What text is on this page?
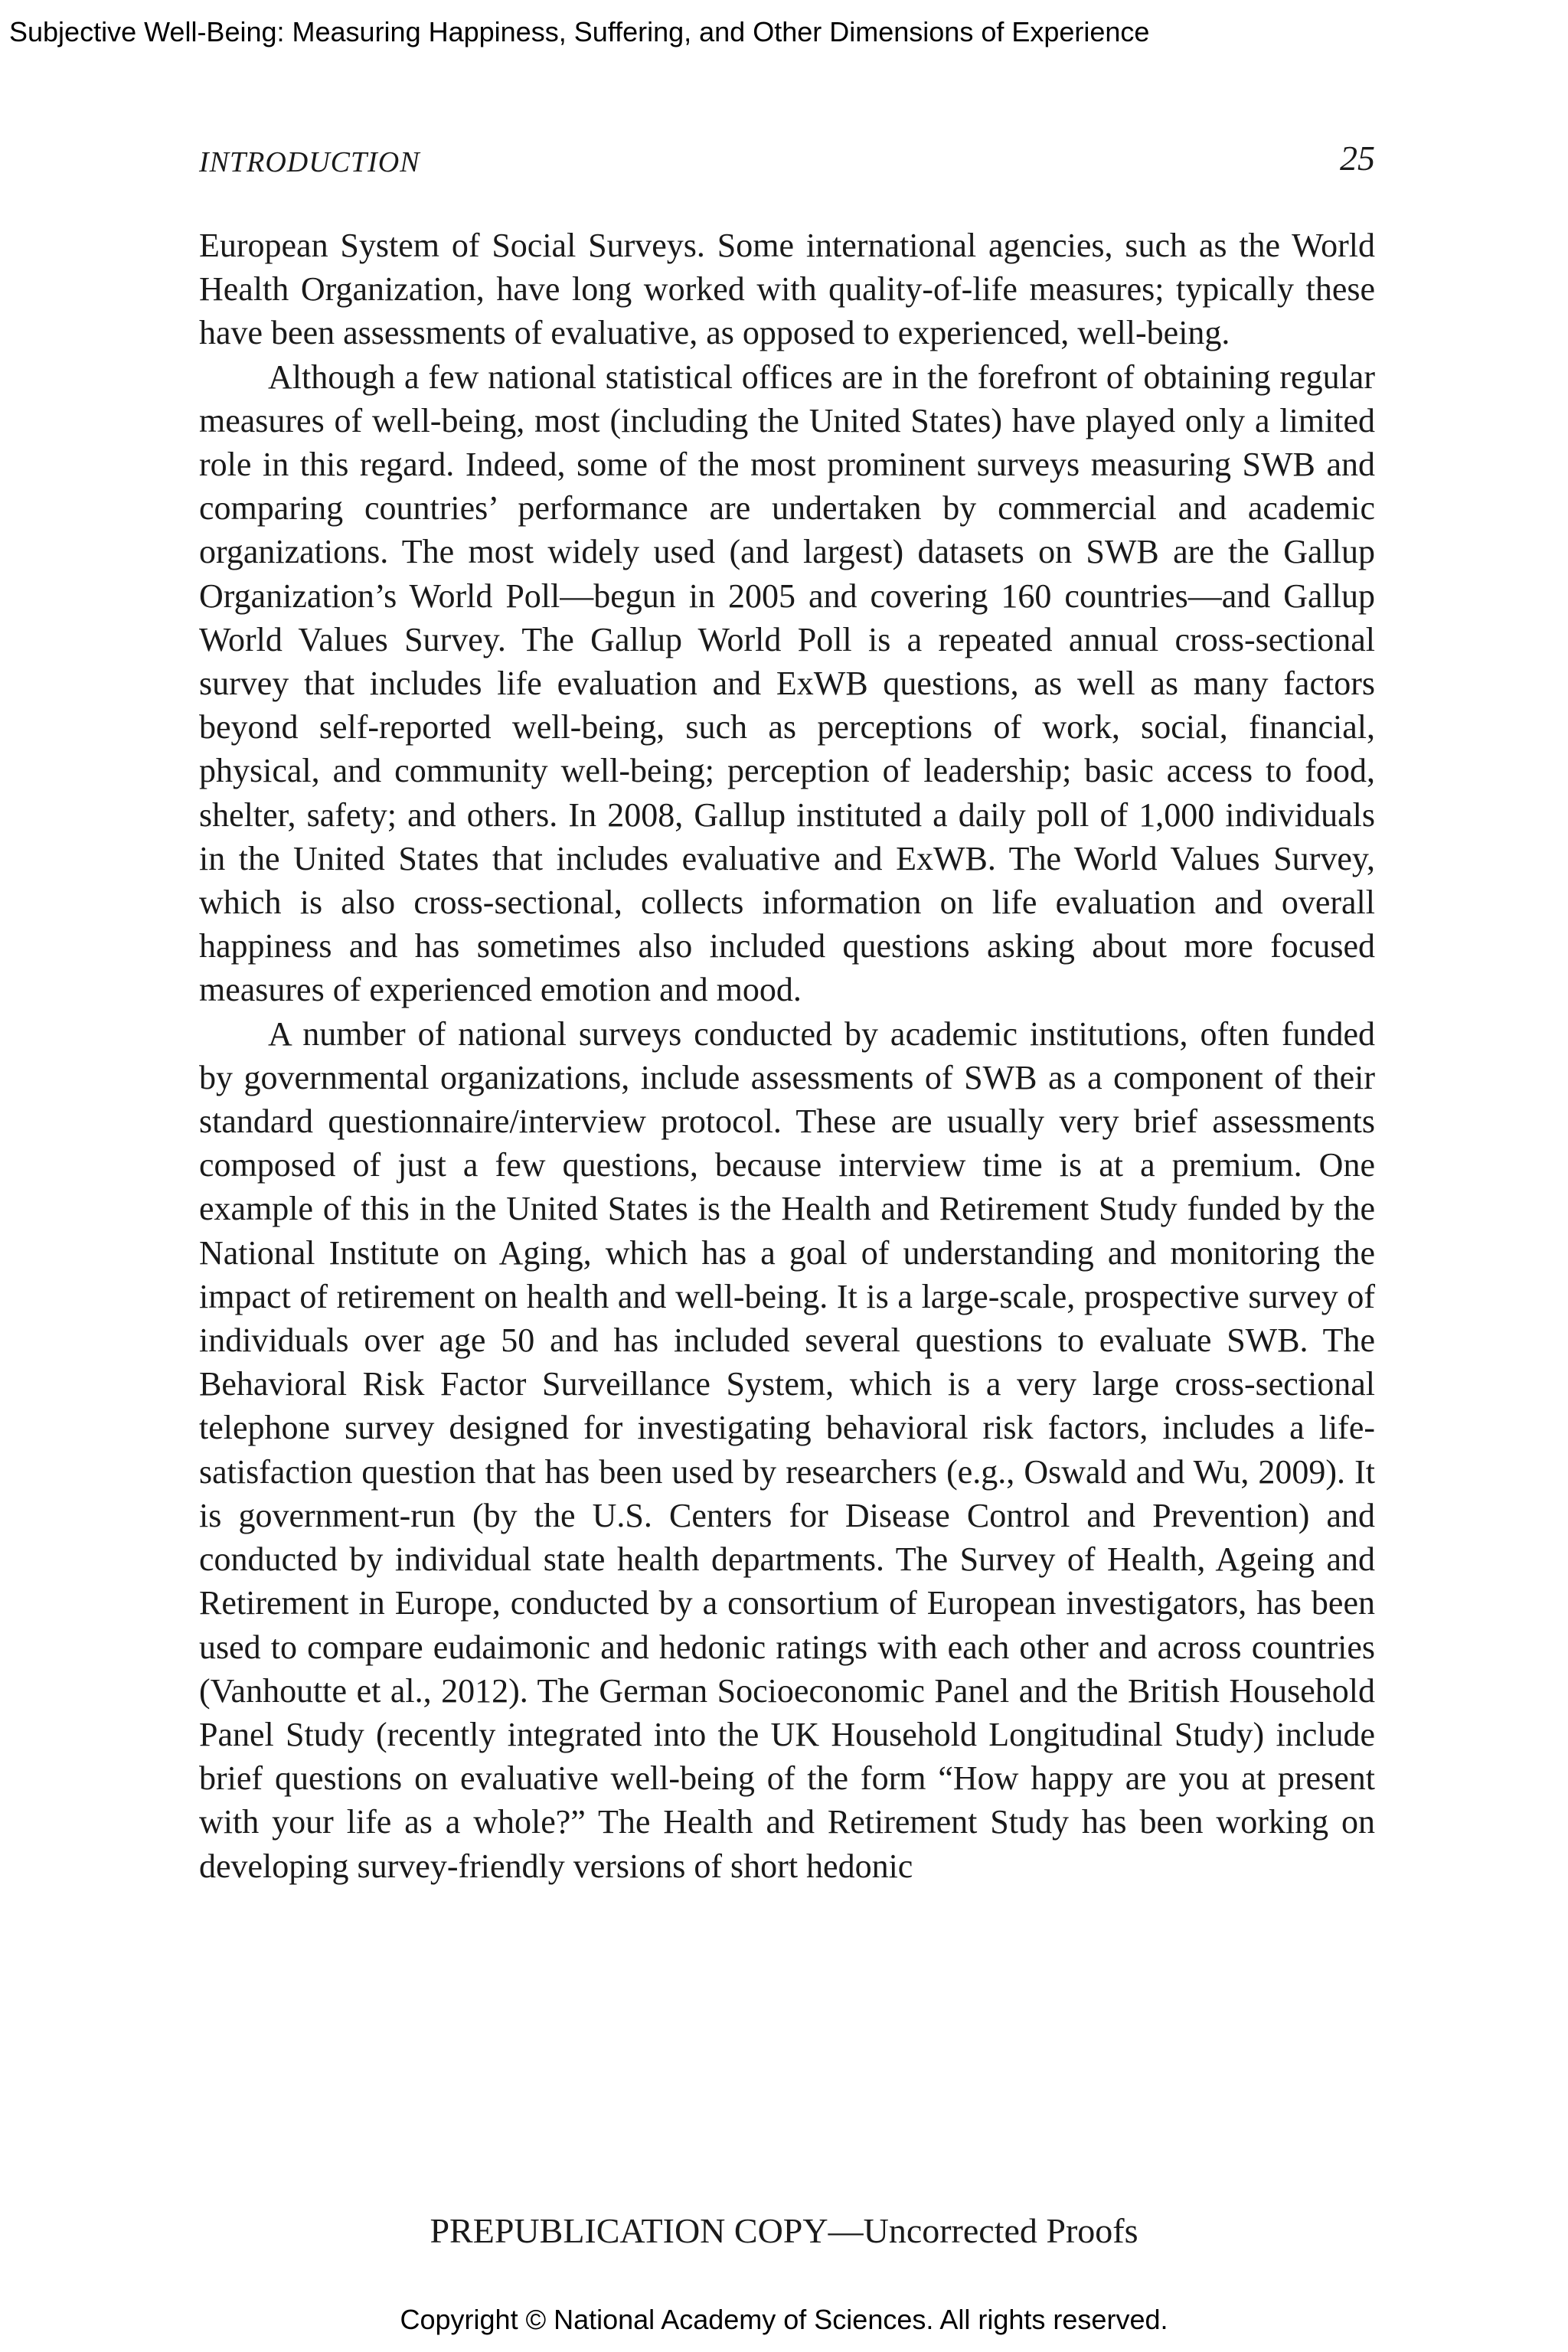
Subjective Well-Being: Measuring Happiness, Suffering, and Other Dimensions of Experience
INTRODUCTION	25

European System of Social Surveys. Some international agencies, such as the World Health Organization, have long worked with quality-of-life measures; typically these have been assessments of evaluative, as opposed to experienced, well-being.

Although a few national statistical offices are in the forefront of obtaining regular measures of well-being, most (including the United States) have played only a limited role in this regard. Indeed, some of the most prominent surveys measuring SWB and comparing countries’ performance are undertaken by commercial and academic organizations. The most widely used (and largest) datasets on SWB are the Gallup Organization’s World Poll—begun in 2005 and covering 160 countries—and Gallup World Values Survey. The Gallup World Poll is a repeated annual cross-sectional survey that includes life evaluation and ExWB questions, as well as many factors beyond self-reported well-being, such as perceptions of work, social, financial, physical, and community well-being; perception of leadership; basic access to food, shelter, safety; and others. In 2008, Gallup instituted a daily poll of 1,000 individuals in the United States that includes evaluative and ExWB. The World Values Survey, which is also cross-sectional, collects information on life evaluation and overall happiness and has sometimes also included questions asking about more focused measures of experienced emotion and mood.

A number of national surveys conducted by academic institutions, often funded by governmental organizations, include assessments of SWB as a component of their standard questionnaire/interview protocol. These are usually very brief assessments composed of just a few questions, because interview time is at a premium. One example of this in the United States is the Health and Retirement Study funded by the National Institute on Aging, which has a goal of understanding and monitoring the impact of retirement on health and well-being. It is a large-scale, prospective survey of individuals over age 50 and has included several questions to evaluate SWB. The Behavioral Risk Factor Surveillance System, which is a very large cross-sectional telephone survey designed for investigating behavioral risk factors, includes a life-satisfaction question that has been used by researchers (e.g., Oswald and Wu, 2009). It is government-run (by the U.S. Centers for Disease Control and Prevention) and conducted by individual state health departments. The Survey of Health, Ageing and Retirement in Europe, conducted by a consortium of European investigators, has been used to compare eudaimonic and hedonic ratings with each other and across countries (Vanhoutte et al., 2012). The German Socioeconomic Panel and the British Household Panel Study (recently integrated into the UK Household Longitudinal Study) include brief questions on evaluative well-being of the form “How happy are you at present with your life as a whole?” The Health and Retirement Study has been working on developing survey-friendly versions of short hedonic

PREPUBLICATION COPY—Uncorrected Proofs
Copyright © National Academy of Sciences. All rights reserved.
